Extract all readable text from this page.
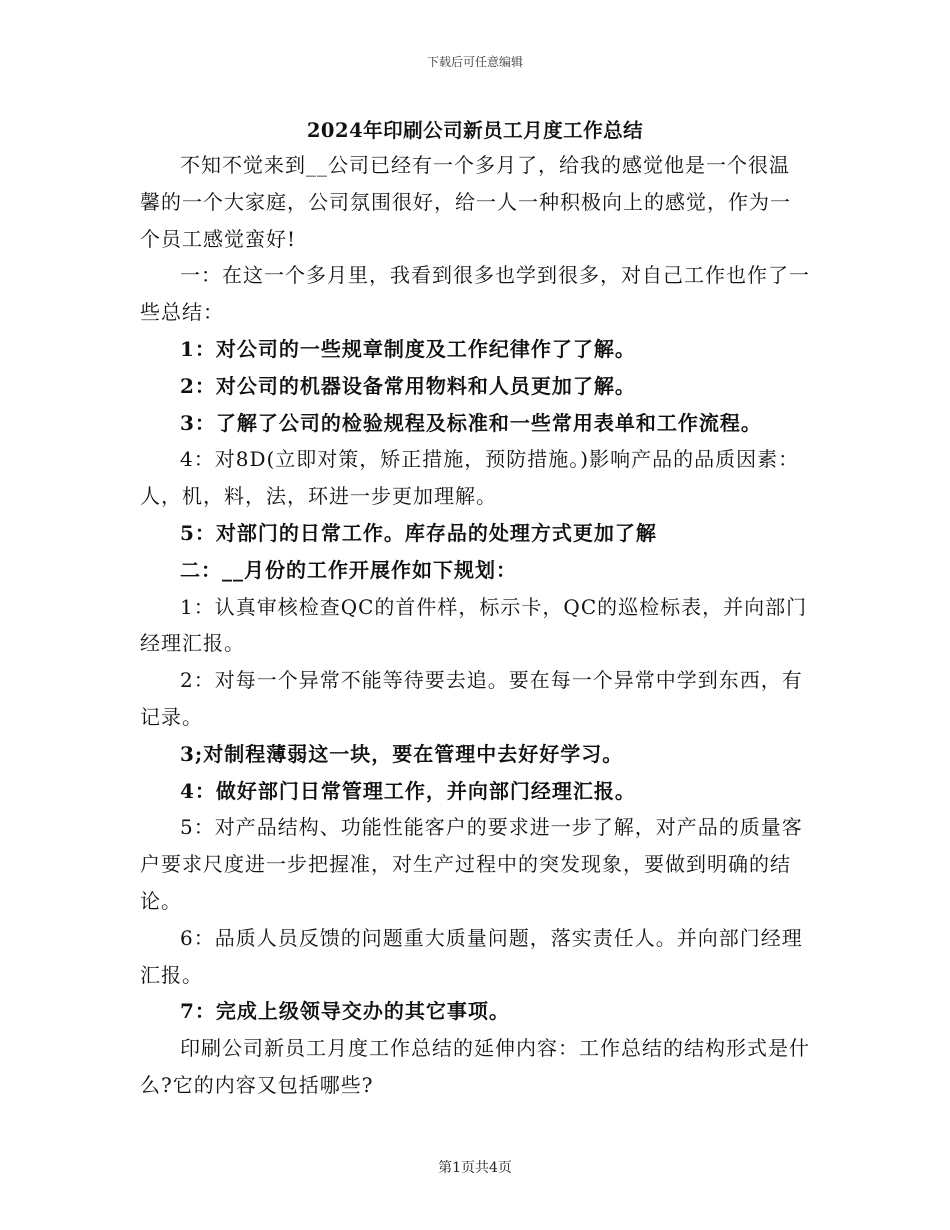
下载后可任意编辑
2024年印刷公司新员工月度工作总结

不知不觉来到__公司已经有一个多月了，给我的感觉他是一个很温馨的一个大家庭，公司氛围很好，给一人一种积极向上的感觉，作为一个员工感觉蛮好!

一：在这一个多月里，我看到很多也学到很多，对自己工作也作了一些总结：

1：对公司的一些规章制度及工作纪律作了了解。

2：对公司的机器设备常用物料和人员更加了解。

3：了解了公司的检验规程及标准和一些常用表单和工作流程。

4：对8D(立即对策，矫正措施，预防措施。)影响产品的品质因素：人，机，料，法，环进一步更加理解。

5：对部门的日常工作。库存品的处理方式更加了解

二：__月份的工作开展作如下规划：

1：认真审核检查QC的首件样，标示卡，QC的巡检标表，并向部门经理汇报。

2：对每一个异常不能等待要去追。要在每一个异常中学到东西，有记录。

3;对制程薄弱这一块，要在管理中去好好学习。

4：做好部门日常管理工作，并向部门经理汇报。

5：对产品结构、功能性能客户的要求进一步了解，对产品的质量客户要求尺度进一步把握准，对生产过程中的突发现象，要做到明确的结论。

6：品质人员反馈的问题重大质量问题，落实责任人。并向部门经理汇报。

7：完成上级领导交办的其它事项。

印刷公司新员工月度工作总结的延伸内容：工作总结的结构形式是什么?它的内容又包括哪些?

第1页共4页
